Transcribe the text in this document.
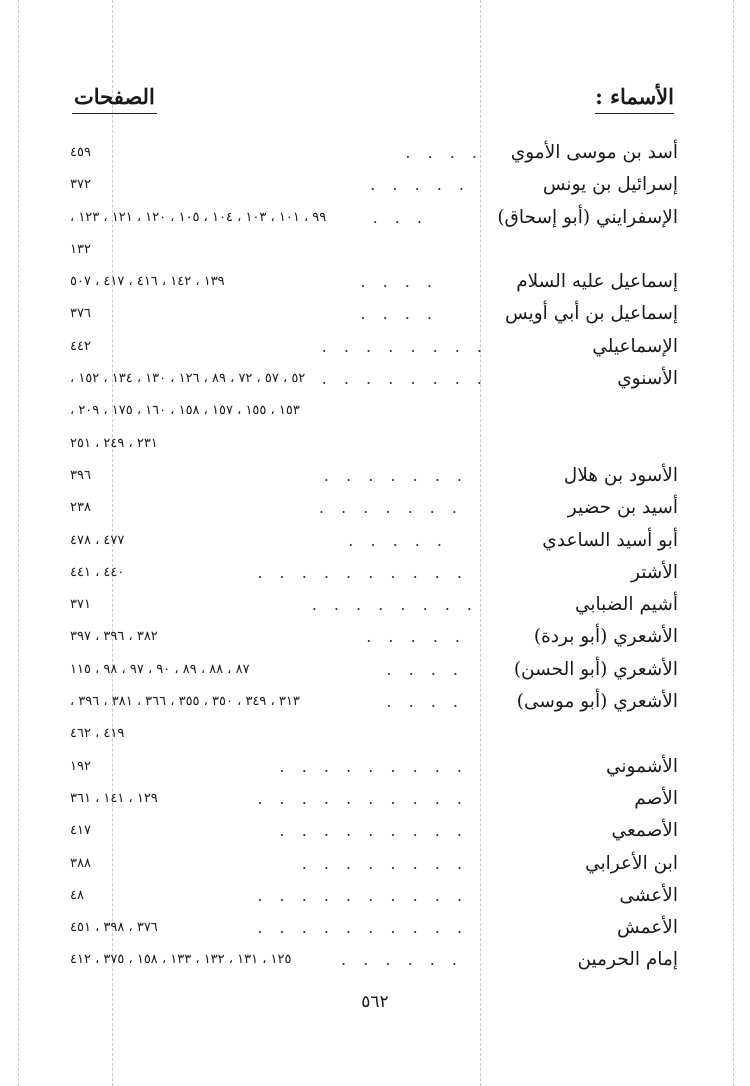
الأسماء :
الصفحات
أسد بن موسى الأموي
. . . .
٤٥٩
إسرائيل بن يونس
. . . . .
٣٧٢
الإسفرايني (أبو إسحاق)
. . .
٩٩ ، ١٠١ ، ١٠٣ ، ١٠٤ ، ١٠٥ ، ١٢٠ ، ١٢١ ، ١٢٣ ،
١٣٢
إسماعيل عليه السلام
. . . .
١٣٩ ، ١٤٢ ، ٤١٦ ، ٤١٧ ، ٥٠٧
إسماعيل بن أبي أويس
. . . .
٣٧٦
الإسماعيلي
. . . . . . . .
٤٤٢
الأسنوي
. . . . . . . .
٥٢ ، ٥٧ ، ٧٢ ، ٨٩ ، ١٢٦ ، ١٣٠ ، ١٣٤ ، ١٥٢ ،
١٥٣ ، ١٥٥ ، ١٥٧ ، ١٥٨ ، ١٦٠ ، ١٧٥ ، ٢٠٩ ،
٢٣١ ، ٢٤٩ ، ٢٥١
الأسود بن هلال
. . . . . . .
٣٩٦
أسيد بن حضير
. . . . . . .
٢٣٨
أبو أسيد الساعدي
. . . . .
٤٧٧ ، ٤٧٨
الأشتر
. . . . . . . . . .
٤٤٠ ، ٤٤١
أشيم الضبابي
. . . . . . . .
٣٧١
الأشعري (أبو بردة)
. . . . .
٣٨٢ ، ٣٩٦ ، ٣٩٧
الأشعري (أبو الحسن)
. . . .
٨٧ ، ٨٨ ، ٨٩ ، ٩٠ ، ٩٧ ، ٩٨ ، ١١٥
الأشعري (أبو موسى)
. . . .
٣١٣ ، ٣٤٩ ، ٣٥٠ ، ٣٥٥ ، ٣٦٦ ، ٣٨١ ، ٣٩٦ ،
٤١٩ ، ٤٦٢
الأشموني
. . . . . . . . .
١٩٢
الأصم
. . . . . . . . . .
١٢٩ ، ١٤١ ، ٣٦١
الأصمعي
. . . . . . . . .
٤١٧
ابن الأعرابي
. . . . . . . .
٣٨٨
الأعشى
. . . . . . . . . .
٤٨
الأعمش
. . . . . . . . . .
٣٧٦ ، ٣٩٨ ، ٤٥١
إمام الحرمين
. . . . . .
١٢٥ ، ١٣١ ، ١٣٢ ، ١٣٣ ، ١٥٨ ، ٣٧٥ ، ٤١٢
٥٦٢
